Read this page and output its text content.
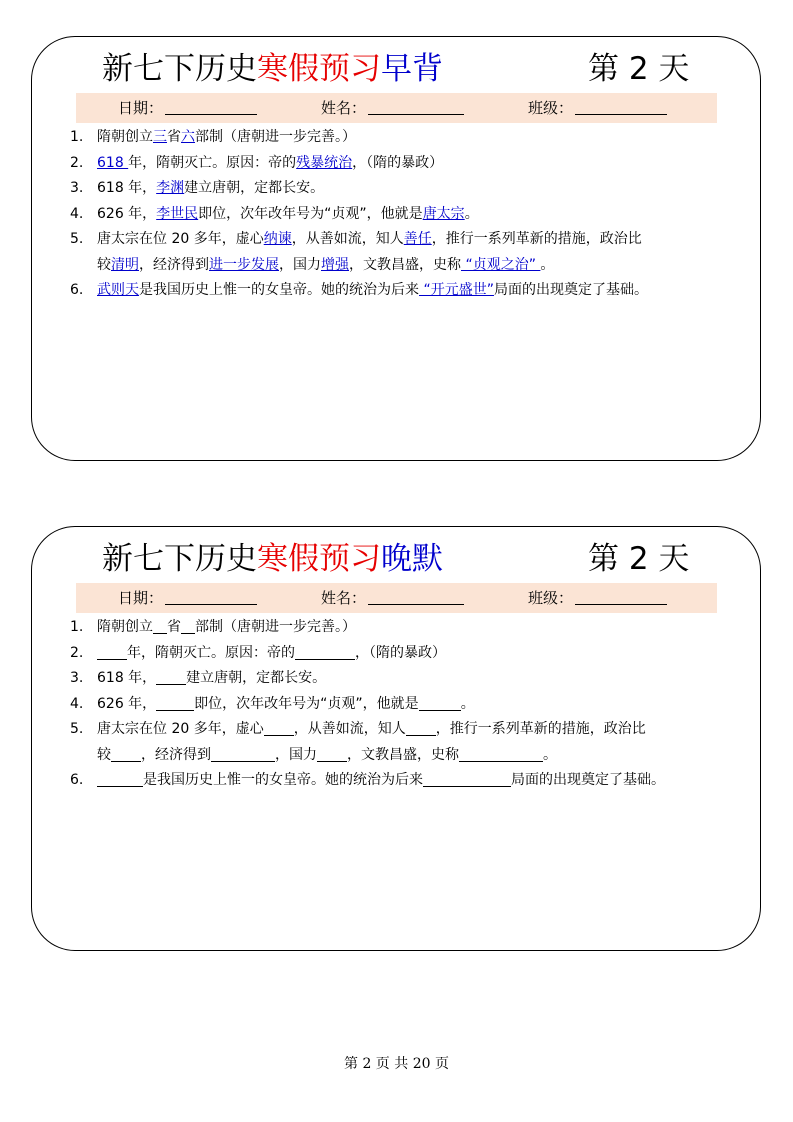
新七下历史寒假预习早背	第 2 天
日期：	姓名：	班级：
1. 隋朝创立三省六部制（唐朝进一步完善。）
2. 618 年，隋朝灭亡。原因：帝的残暴统治，（隋的暴政）
3. 618 年，李渊建立唐朝，定都长安。
4. 626 年，李世民即位，次年改年号为“贞观”，他就是唐太宗。
5. 唐太宗在位 20 多年，虚心纳谏，从善如流，知人善任，推行一系列革新的措施，政治比
较清明，经济得到进一步发展，国力增强，文教昌盛，史称 “贞观之治” 。
6. 武则天是我国历史上惟一的女皇帝。她的统治为后来 “开元盛世”局面的出现奠定了基础。
新七下历史寒假预习晚默	第 2 天
日期：	姓名：	班级：
1. 隋朝创立 省 部制（唐朝进一步完善。）
2.	年，隋朝灭亡。原因：帝的	，（隋的暴政）
3. 618 年， 建立唐朝，定都长安。
4. 626 年，	即位，次年改年号为“贞观”，他就是	。
5. 唐太宗在位 20 多年，虚心 ，从善如流，知人 ，推行一系列革新的措施，政治比
较 ，经济得到	，国力 ，文教昌盛，史称	。
6.	是我国历史上惟一的女皇帝。她的统治为后来	局面的出现奠定了基础。
第 2 页 共 20 页
